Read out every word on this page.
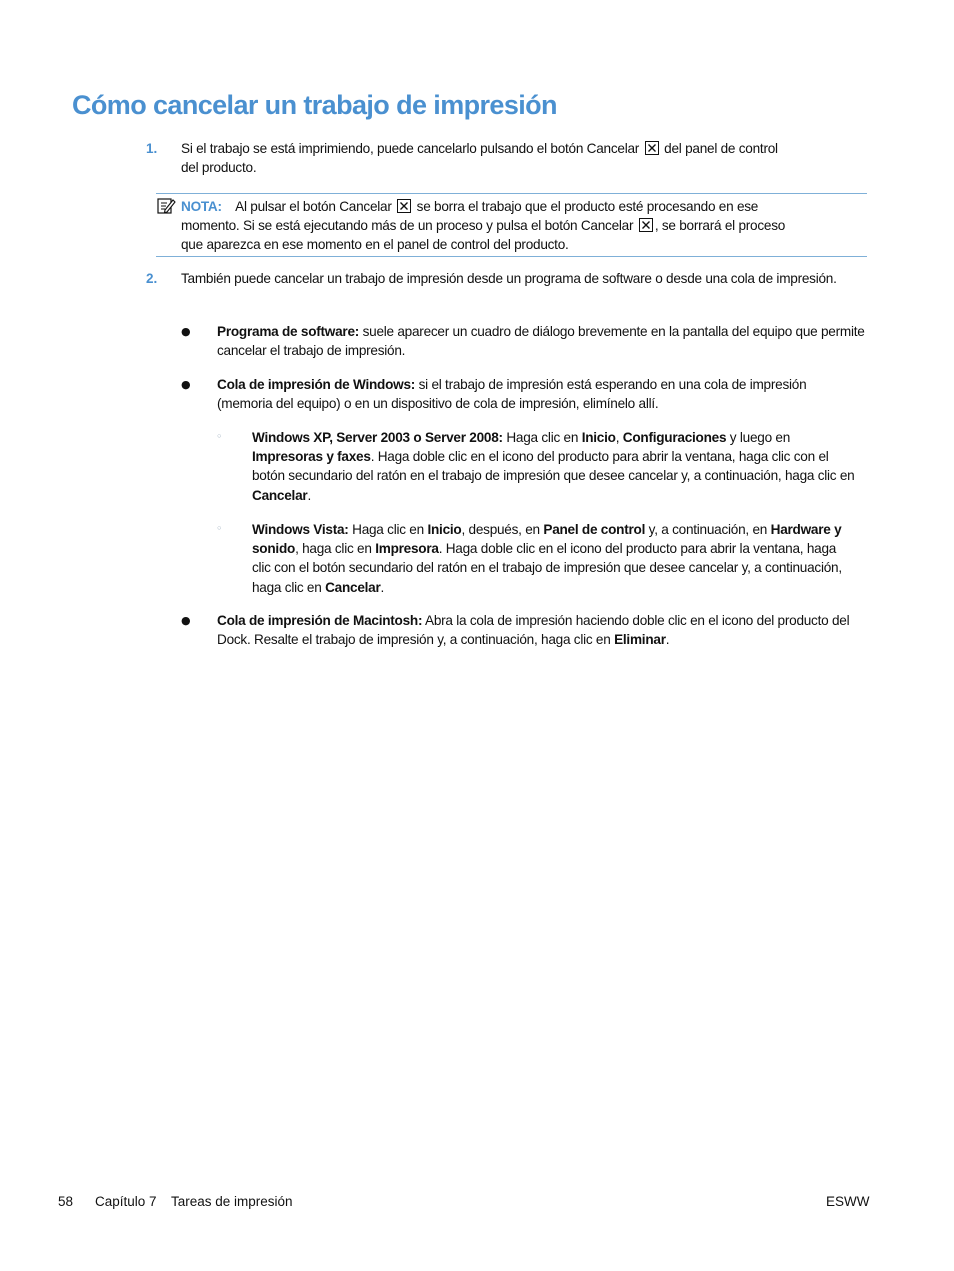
Cómo cancelar un trabajo de impresión
1. Si el trabajo se está imprimiendo, puede cancelarlo pulsando el botón Cancelar del panel de control
del producto.
NOTA: Al pulsar el botón Cancelar se borra el trabajo que el producto esté procesando en ese
momento. Si se está ejecutando más de un proceso y pulsa el botón Cancelar , se borrará el proceso
que aparezca en ese momento en el panel de control del producto.
2. También puede cancelar un trabajo de impresión desde un programa de software o desde una cola de impresión.
● Programa de software: suele aparecer un cuadro de diálogo brevemente en la pantalla del equipo que permite cancelar el trabajo de impresión.
● Cola de impresión de Windows: si el trabajo de impresión está esperando en una cola de impresión (memoria del equipo) o en un dispositivo de cola de impresión, elimínelo allí.
◦ Windows XP, Server 2003 o Server 2008: Haga clic en Inicio, Configuraciones y luego en Impresoras y faxes. Haga doble clic en el icono del producto para abrir la ventana, haga clic con el botón secundario del ratón en el trabajo de impresión que desee cancelar y, a continuación, haga clic en Cancelar.
◦ Windows Vista: Haga clic en Inicio, después, en Panel de control y, a continuación, en Hardware y sonido, haga clic en Impresora. Haga doble clic en el icono del producto para abrir la ventana, haga clic con el botón secundario del ratón en el trabajo de impresión que desee cancelar y, a continuación, haga clic en Cancelar.
● Cola de impresión de Macintosh: Abra la cola de impresión haciendo doble clic en el icono del producto del Dock. Resalte el trabajo de impresión y, a continuación, haga clic en Eliminar.
58 Capítulo 7 Tareas de impresión	ESWW
